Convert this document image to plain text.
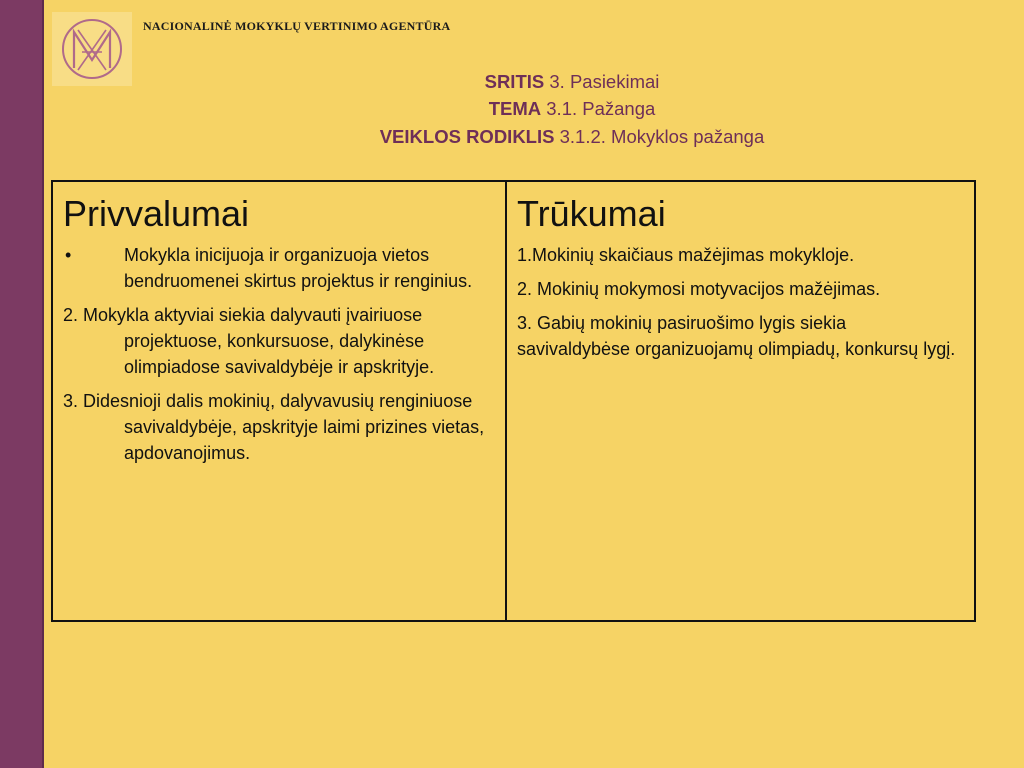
NACIONALINĖ MOKYKLŲ VERTINIMO AGENTŪRA
SRITIS 3. Pasiekimai
TEMA 3.1. Pažanga
VEIKLOS RODIKLIS 3.1.2. Mokyklos pažanga
Privvalumai
•	Mokykla inicijuoja ir organizuoja vietos bendruomenei skirtus projektus ir renginius.
2. Mokykla aktyviai siekia dalyvauti įvairiuose projektuose, konkursuose, dalykinėse olimpiadose savivaldybėje ir apskrityje.
3. Didesnioji dalis mokinių, dalyvavusių renginiuose savivaldybėje, apskrityje laimi prizines vietas, apdovanojimus.
Trūkumai
1.Mokinių skaičiaus mažėjimas mokykloje.
2. Mokinių mokymosi motyvacijos mažėjimas.
3. Gabių mokinių pasiruošimo lygis siekia savivaldybėse organizuojamų olimpiadų, konkursų lygį.
